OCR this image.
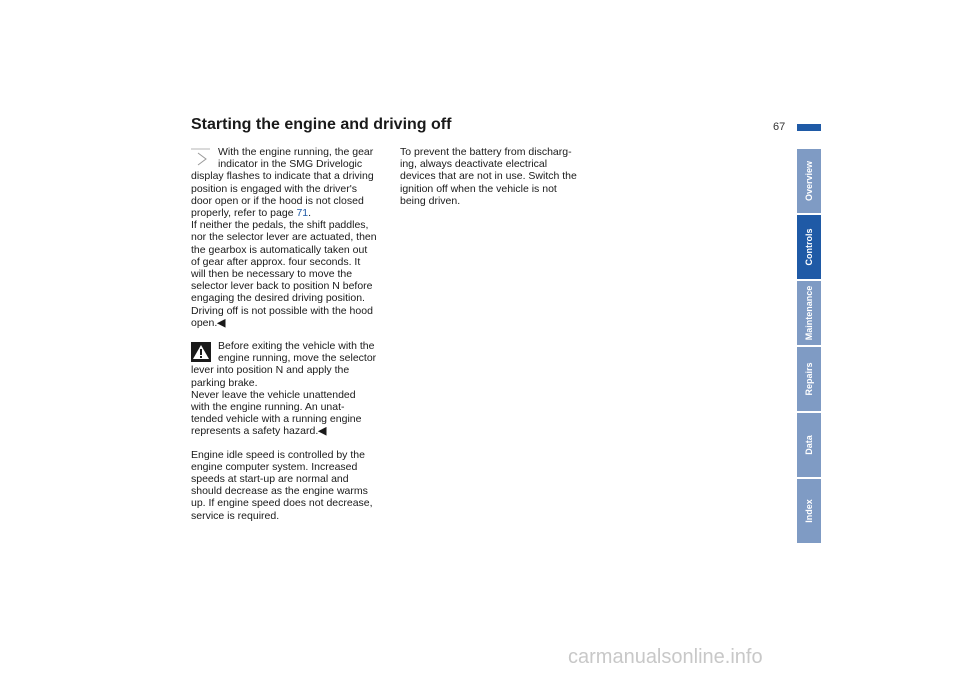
Starting the engine and driving off	67
With the engine running, the gear
indicator in the SMG Drivelogic
display flashes to indicate that a driving
position is engaged with the driver's
door open or if the hood is not closed
properly, refer to page 71.
If neither the pedals, the shift paddles,
nor the selector lever are actuated, then
the gearbox is automatically taken out
of gear after approx. four seconds. It
will then be necessary to move the
selector lever back to position N before
engaging the desired driving position.
Driving off is not possible with the hood
open.◀
Before exiting the vehicle with the
engine running, move the selector
lever into position N and apply the
parking brake.
Never leave the vehicle unattended
with the engine running. An unat-
tended vehicle with a running engine
represents a safety hazard.◀
Engine idle speed is controlled by the
engine computer system. Increased
speeds at start-up are normal and
should decrease as the engine warms
up. If engine speed does not decrease,
service is required.
To prevent the battery from discharg-
ing, always deactivate electrical
devices that are not in use. Switch the
ignition off when the vehicle is not
being driven.	Overview
Controls
Maintenance
Repairs
Data
Index
carmanualsonline.info
